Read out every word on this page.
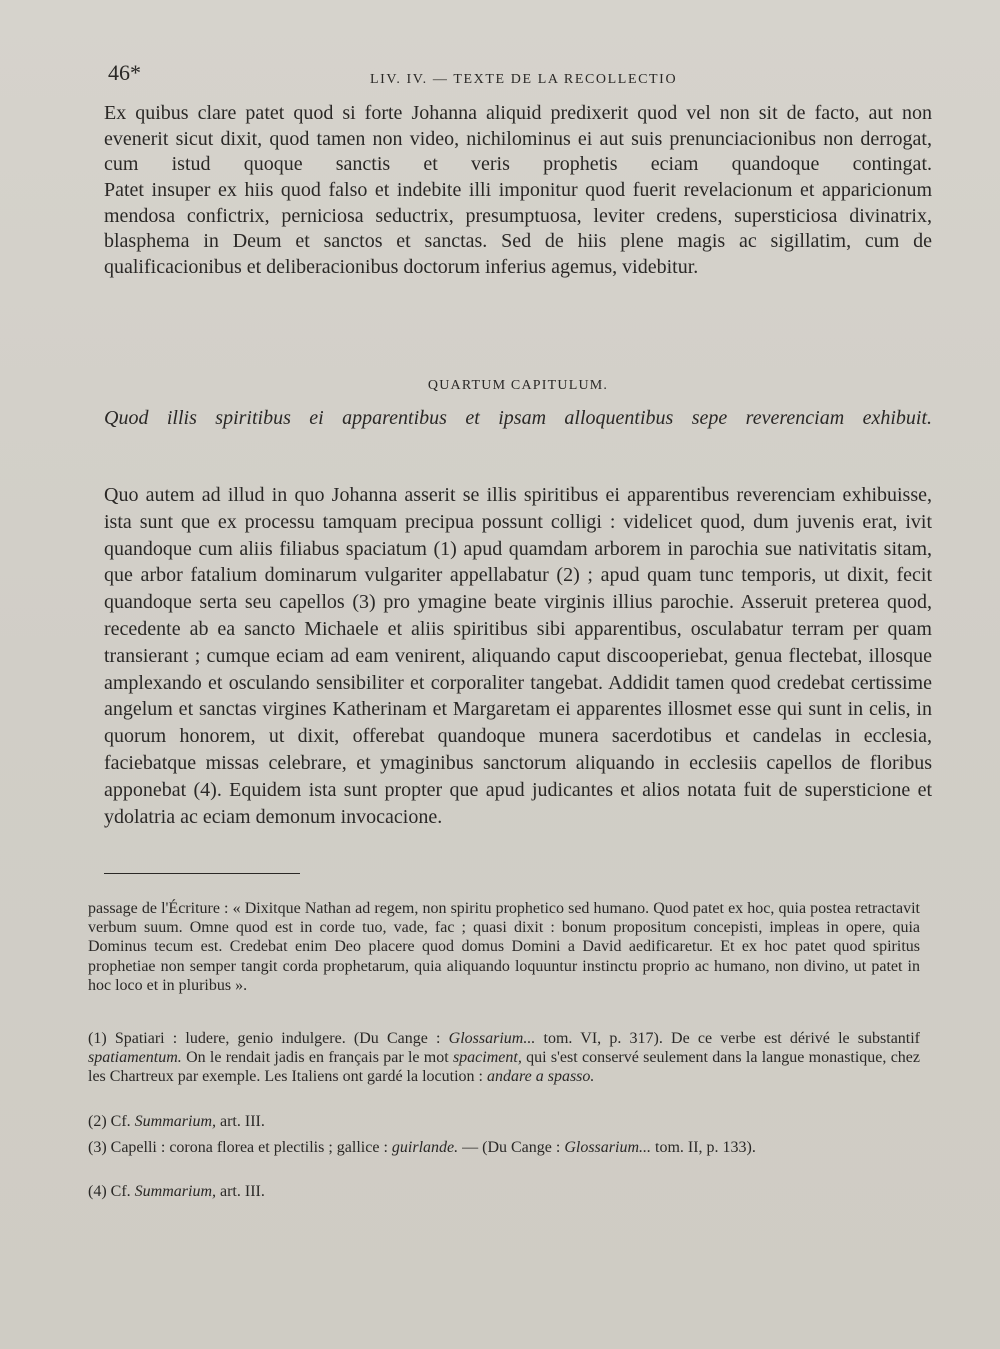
46*	LIV. IV. — TEXTE DE LA RECOLLECTIO

Ex quibus clare patet quod si forte Johanna aliquid predixerit quod vel non sit de facto, aut non evenerit sicut dixit, quod tamen non video, nichilominus ei aut suis prenunciacionibus non derrogat, cum istud quoque sanctis et veris prophetis eciam quandoque contingat.

Patet insuper ex hiis quod falso et indebite illi imponitur quod fuerit revelacionum et apparicionum mendosa confictrix, perniciosa seductrix, presumptuosa, leviter credens, supersticiosa divinatrix, blasphema in Deum et sanctos et sanctas. Sed de hiis plene magis ac sigillatim, cum de qualificacionibus et deliberacionibus doctorum inferius agemus, videbitur.

QUARTUM CAPITULUM.
Quod illis spiritibus ei apparentibus et ipsam alloquentibus sepe reverenciam exhibuit.

Quo autem ad illud in quo Johanna asserit se illis spiritibus ei apparentibus reverenciam exhibuisse, ista sunt que ex processu tamquam precipua possunt colligi : videlicet quod, dum juvenis erat, ivit quandoque cum aliis filiabus spaciatum (1) apud quamdam arborem in parochia sue nativitatis sitam, que arbor fatalium dominarum vulgariter appellabatur (2) ; apud quam tunc temporis, ut dixit, fecit quandoque serta seu capellos (3) pro ymagine beate virginis illius parochie. Asseruit preterea quod, recedente ab ea sancto Michaele et aliis spiritibus sibi apparentibus, osculabatur terram per quam transierant ; cumque eciam ad eam venirent, aliquando caput discooperiebat, genua flectebat, illosque amplexando et osculando sensibiliter et corporaliter tangebat. Addidit tamen quod credebat certissime angelum et sanctas virgines Katherinam et Margaretam ei apparentes illosmet esse qui sunt in celis, in quorum honorem, ut dixit, offerebat quandoque munera sacerdotibus et candelas in ecclesia, faciebatque missas celebrare, et ymaginibus sanctorum aliquando in ecclesiis capellos de floribus apponebat (4). Equidem ista sunt propter que apud judicantes et alios notata fuit de supersticione et ydolatria ac eciam demonum invocacione.

passage de l'Écriture : « Dixitque Nathan ad regem, non spiritu prophetico sed humano. Quod patet ex hoc, quia postea retractavit verbum suum. Omne quod est in corde tuo, vade, fac ; quasi dixit : bonum propositum concepisti, impleas in opere, quia Dominus tecum est. Credebat enim Deo placere quod domus Domini a David aedificaretur. Et ex hoc patet quod spiritus prophetiae non semper tangit corda prophetarum, quia aliquando loquuntur instinctu proprio ac humano, non divino, ut patet in hoc loco et in pluribus ».

(1) Spatiari : ludere, genio indulgere. (Du Cange : Glossarium... tom. VI, p. 317). De ce verbe est dérivé le substantif spatiamentum. On le rendait jadis en français par le mot spaciment, qui s'est conservé seulement dans la langue monastique, chez les Chartreux par exemple. Les Italiens ont gardé la locution : andare a spasso.

(2) Cf. Summarium, art. III.

(3) Capelli : corona florea et plectilis ; gallice : guirlande. — (Du Cange : Glossarium... tom. II, p. 133).

(4) Cf. Summarium, art. III.
